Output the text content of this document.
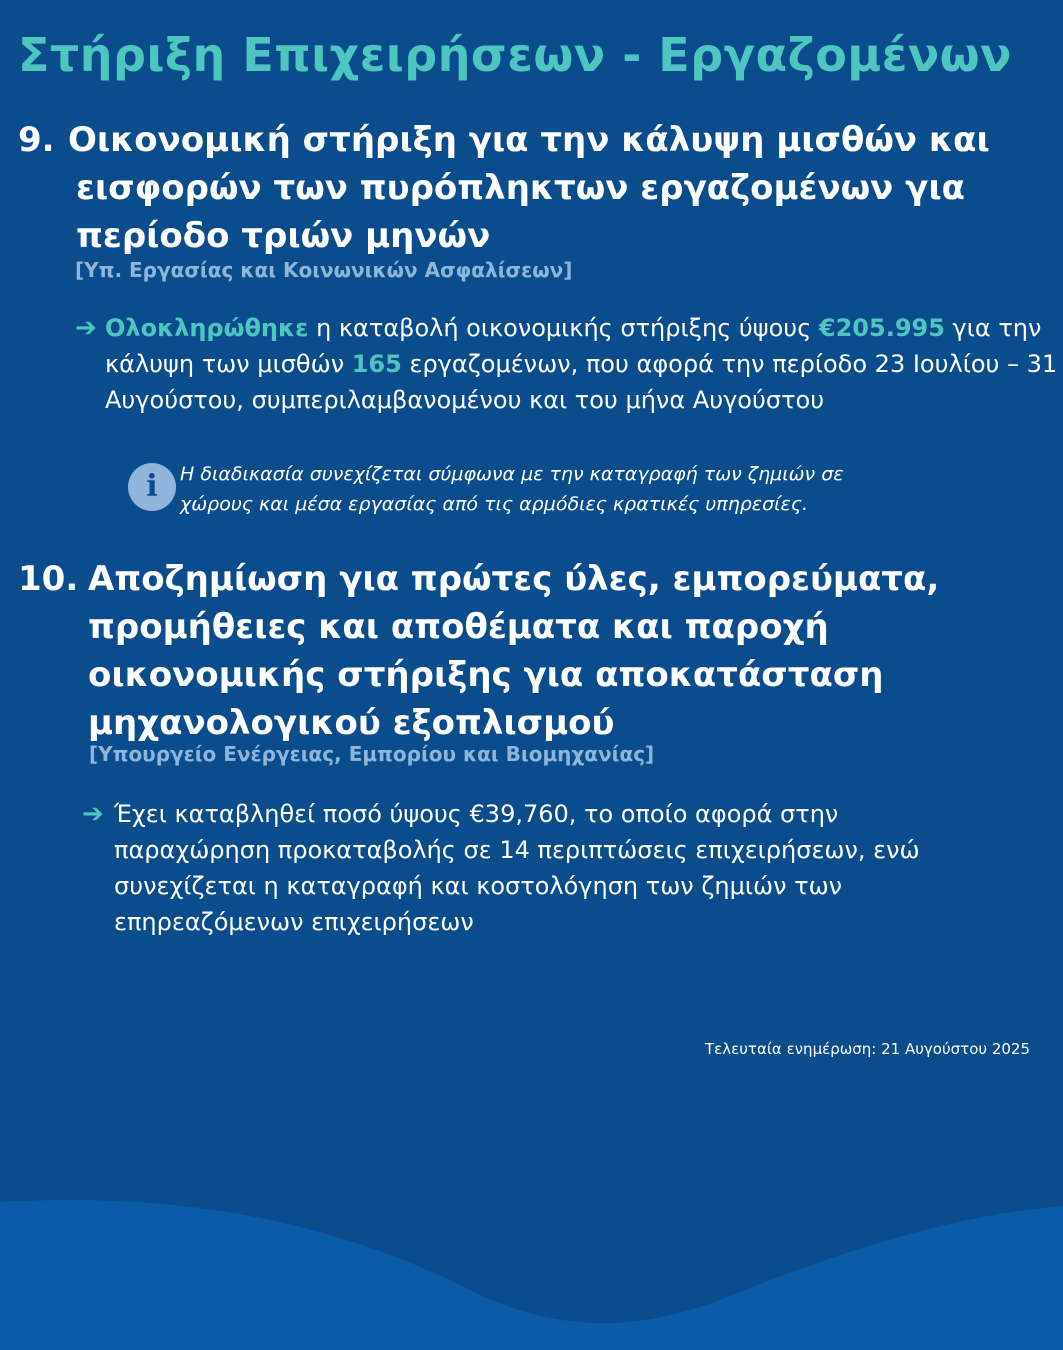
Στήριξη Επιχειρήσεων - Εργαζομένων
9. Οικονομική στήριξη για την κάλυψη μισθών και εισφορών των πυρόπληκτων εργαζομένων για περίοδο τριών μηνών

[Υπ. Εργασίας και Κοινωνικών Ασφαλίσεων]

➔ Ολοκληρώθηκε η καταβολή οικονομικής στήριξης ύψους €205.995 για την κάλυψη των μισθών 165 εργαζομένων, που αφορά την περίοδο 23 Ιουλίου – 31 Αυγούστου, συμπεριλαμβανομένου και του μήνα Αυγούστου
i	Η διαδικασία συνεχίζεται σύμφωνα με την καταγραφή των ζημιών σε χώρους και μέσα εργασίας από τις αρμόδιες κρατικές υπηρεσίες.
10. Αποζημίωση για πρώτες ύλες, εμπορεύματα, προμήθειες και αποθέματα και παροχή οικονομικής στήριξης για αποκατάσταση μηχανολογικού εξοπλισμού

[Υπουργείο Ενέργειας, Εμπορίου και Βιομηχανίας]

➔ Έχει καταβληθεί ποσό ύψους €39,760, το οποίο αφορά στην παραχώρηση προκαταβολής σε 14 περιπτώσεις επιχειρήσεων, ενώ συνεχίζεται η καταγραφή και κοστολόγηση των ζημιών των επηρεαζόμενων επιχειρήσεων
Τελευταία ενημέρωση: 21 Αυγούστου 2025
